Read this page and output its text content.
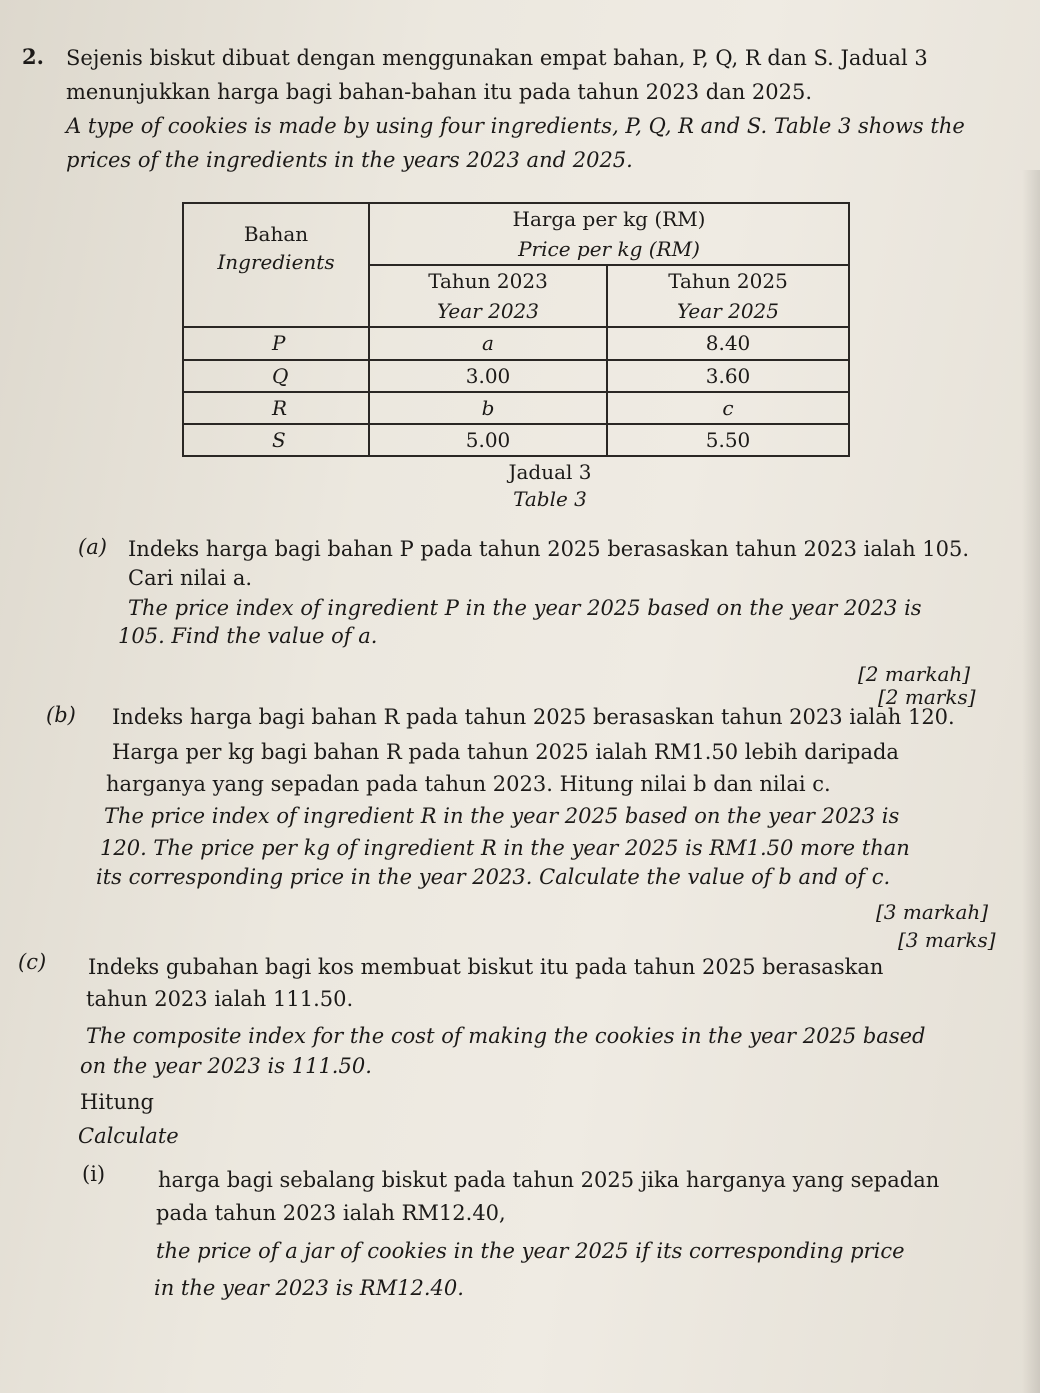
2. Sejenis biskut dibuat dengan menggunakan empat bahan, P, Q, R dan S. Jadual 3
menunjukkan harga bagi bahan-bahan itu pada tahun 2023 dan 2025.
A type of cookies is made by using four ingredients, P, Q, R and S. Table 3 shows the
prices of the ingredients in the years 2023 and 2025.
Bahan
Ingredients	Harga per kg (RM)	
	Price per kg (RM)	
	Tahun 2023	Tahun 2025
	Year 2023	Year 2025
P	a	8.40
Q	3.00	3.60
R	b	c
S	5.00	5.50
Jadual 3
Table 3
(a) Indeks harga bagi bahan P pada tahun 2025 berasaskan tahun 2023 ialah 105.
Cari nilai a.
The price index of ingredient P in the year 2025 based on the year 2023 is
105. Find the value of a.
[2 markah]
[2 marks]
(b) Indeks harga bagi bahan R pada tahun 2025 berasaskan tahun 2023 ialah 120.
Harga per kg bagi bahan R pada tahun 2025 ialah RM1.50 lebih daripada
harganya yang sepadan pada tahun 2023. Hitung nilai b dan nilai c.
The price index of ingredient R in the year 2025 based on the year 2023 is
120. The price per kg of ingredient R in the year 2025 is RM1.50 more than
its corresponding price in the year 2023. Calculate the value of b and of c.
[3 markah]
[3 marks]
(c) Indeks gubahan bagi kos membuat biskut itu pada tahun 2025 berasaskan
tahun 2023 ialah 111.50.
The composite index for the cost of making the cookies in the year 2025 based
on the year 2023 is 111.50.
Hitung
Calculate
(i)	harga bagi sebalang biskut pada tahun 2025 jika harganya yang sepadan
pada tahun 2023 ialah RM12.40,
the price of a jar of cookies in the year 2025 if its corresponding price
in the year 2023 is RM12.40.
